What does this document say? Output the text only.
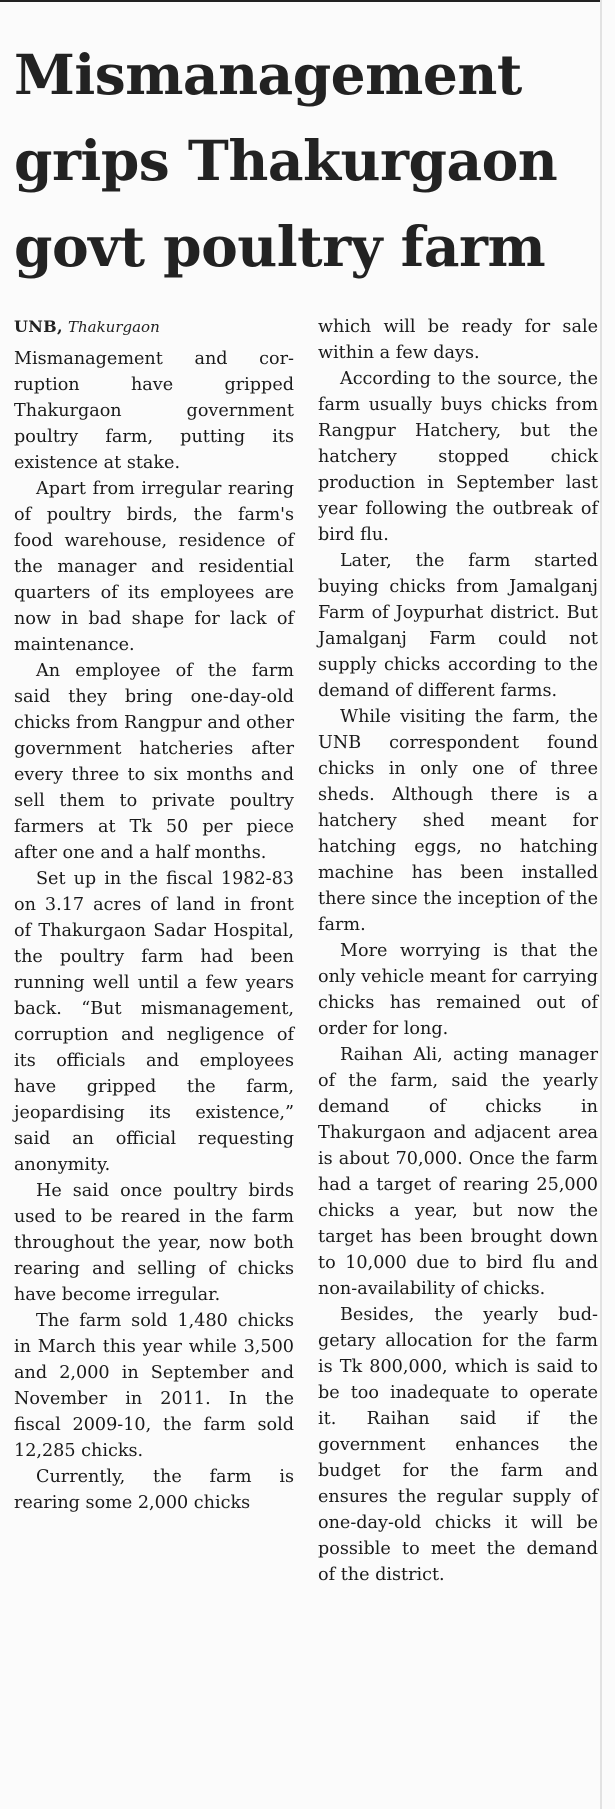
Mismanagement grips Thakurgaon govt poultry farm
UNB, Thakurgaon

Mismanagement and corruption have gripped Thakurgaon government poultry farm, putting its existence at stake.

Apart from irregular rearing of poultry birds, the farm's food warehouse, residence of the manager and residential quarters of its employees are now in bad shape for lack of maintenance.

An employee of the farm said they bring one-day-old chicks from Rangpur and other government hatcheries after every three to six months and sell them to private poultry farmers at Tk 50 per piece after one and a half months.

Set up in the fiscal 1982-83 on 3.17 acres of land in front of Thakurgaon Sadar Hospital, the poultry farm had been running well until a few years back. “But mismanagement, corruption and negligence of its officials and employees have gripped the farm, jeopardising its existence,” said an official requesting anonymity.

He said once poultry birds used to be reared in the farm throughout the year, now both rearing and selling of chicks have become irregular.

The farm sold 1,480 chicks in March this year while 3,500 and 2,000 in September and November in 2011. In the fiscal 2009-10, the farm sold 12,285 chicks.

Currently, the farm is rearing some 2,000 chicks

which will be ready for sale within a few days.

According to the source, the farm usually buys chicks from Rangpur Hatchery, but the hatchery stopped chick production in September last year following the outbreak of bird flu.

Later, the farm started buying chicks from Jamalganj Farm of Joypurhat district. But Jamalganj Farm could not supply chicks according to the demand of different farms.

While visiting the farm, the UNB correspondent found chicks in only one of three sheds. Although there is a hatchery shed meant for hatching eggs, no hatching machine has been installed there since the inception of the farm.

More worrying is that the only vehicle meant for carrying chicks has remained out of order for long.

Raihan Ali, acting manager of the farm, said the yearly demand of chicks in Thakurgaon and adjacent area is about 70,000. Once the farm had a target of rearing 25,000 chicks a year, but now the target has been brought down to 10,000 due to bird flu and non-availability of chicks.

Besides, the yearly budgetary allocation for the farm is Tk 800,000, which is said to be too inadequate to operate it. Raihan said if the government enhances the budget for the farm and ensures the regular supply of one-day-old chicks it will be possible to meet the demand of the district.
